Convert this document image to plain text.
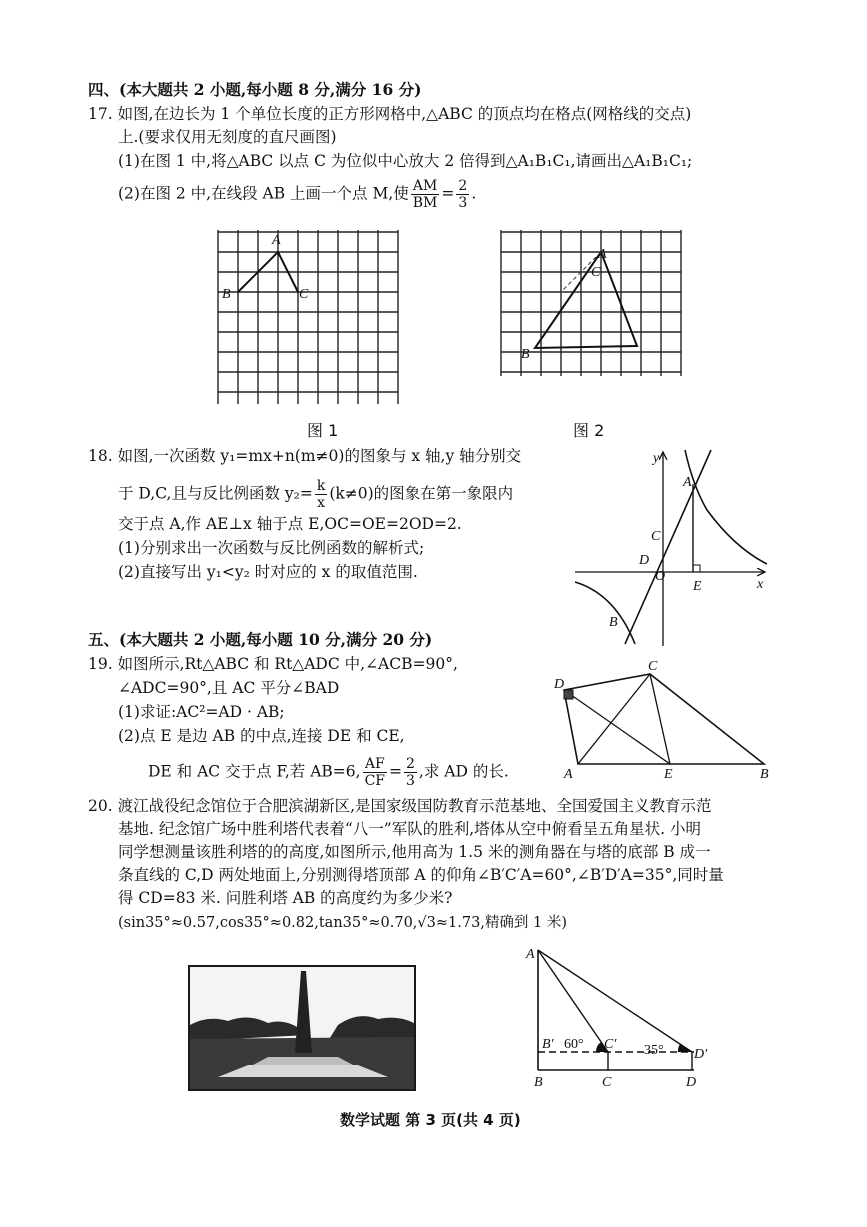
四、(本大题共 2 小题,每小题 8 分,满分 16 分)
17. 如图,在边长为 1 个单位长度的正方形网格中,△ABC 的顶点均在格点(网格线的交点)
上.(要求仅用无刻度的直尺画图)
(1)在图 1 中,将△ABC 以点 C 为位似中心放大 2 倍得到△A₁B₁C₁,请画出△A₁B₁C₁;
(2)在图 2 中,在线段 AB 上画一个点 M,使 $\frac{AM}{BM} = \frac{2}{3}$ .
A
B	C
图 1
A
C
B
图 2
18. 如图,一次函数 y₁=mx+n(m≠0)的图象与 x 轴,y 轴分别交
于 D,C,且与反比例函数 $y_2= \frac{k}{x} (k\ne 0)$的图象在第一象限内
交于点 A,作 AE⊥x 轴于点 E,OC=OE=2OD=2.
(1)分别求出一次函数与反比例函数的解析式;
(2)直接写出 y₁<y₂ 时对应的 x 的取值范围.
y
x
A
C
D
O
E
B
五、(本大题共 2 小题,每小题 10 分,满分 20 分)
19. 如图所示,Rt△ABC 和 Rt△ADC 中,∠ACB=90°,
∠ADC=90°,且 AC 平分∠BAD
(1)求证:AC²=AD · AB;
(2)点 E 是边 AB 的中点,连接 DE 和 CE,
DE 和 AC 交于点 F,若 AB=6, $\frac{AF}{CF} = \frac{2}{3}$ ,求 AD 的长.
D
C
A	E	B
20. 渡江战役纪念馆位于合肥滨湖新区,是国家级国防教育示范基地、全国爱国主义教育示范
基地. 纪念馆广场中胜利塔代表着“八一”军队的胜利,塔体从空中俯看呈五角星状. 小明
同学想测量该胜利塔的的高度,如图所示,他用高为 1.5 米的测角器在与塔的底部 B 成一
条直线的 C,D 两处地面上,分别测得塔顶部 A 的仰角∠B′C′A=60°,∠B′D′A=35°,同时量
得 CD=83 米. 问胜利塔 AB 的高度约为多少米?
(sin35°≈0.57,cos35°≈0.82,tan35°≈0.70,√3≈1.73,精确到 1 米)
A
B′ 60° C′ 35° D′
B	C	D
数学试题 第 3 页(共 4 页)
